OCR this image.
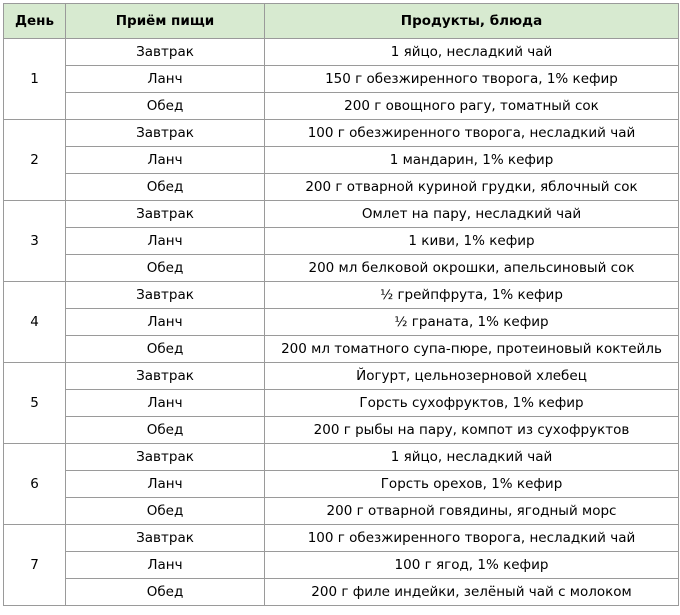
День	Приём пищи	Продукты, блюда
1	Завтрак	1 яйцо, несладкий чай
	Ланч	150 г обезжиренного творога, 1% кефир
	Обед	200 г овощного рагу, томатный сок
2	Завтрак	100 г обезжиренного творога, несладкий чай
	Ланч	1 мандарин, 1% кефир
	Обед	200 г отварной куриной грудки, яблочный сок
3	Завтрак	Омлет на пару, несладкий чай
	Ланч	1 киви, 1% кефир
	Обед	200 мл белковой окрошки, апельсиновый сок
4	Завтрак	½ грейпфрута, 1% кефир
	Ланч	½ граната, 1% кефир
	Обед	200 мл томатного супа-пюре, протеиновый коктейль
5	Завтрак	Йогурт, цельнозерновой хлебец
	Ланч	Горсть сухофруктов, 1% кефир
	Обед	200 г рыбы на пару, компот из сухофруктов
6	Завтрак	1 яйцо, несладкий чай
	Ланч	Горсть орехов, 1% кефир
	Обед	200 г отварной говядины, ягодный морс
7	Завтрак	100 г обезжиренного творога, несладкий чай
	Ланч	100 г ягод, 1% кефир
	Обед	200 г филе индейки, зелёный чай с молоком
